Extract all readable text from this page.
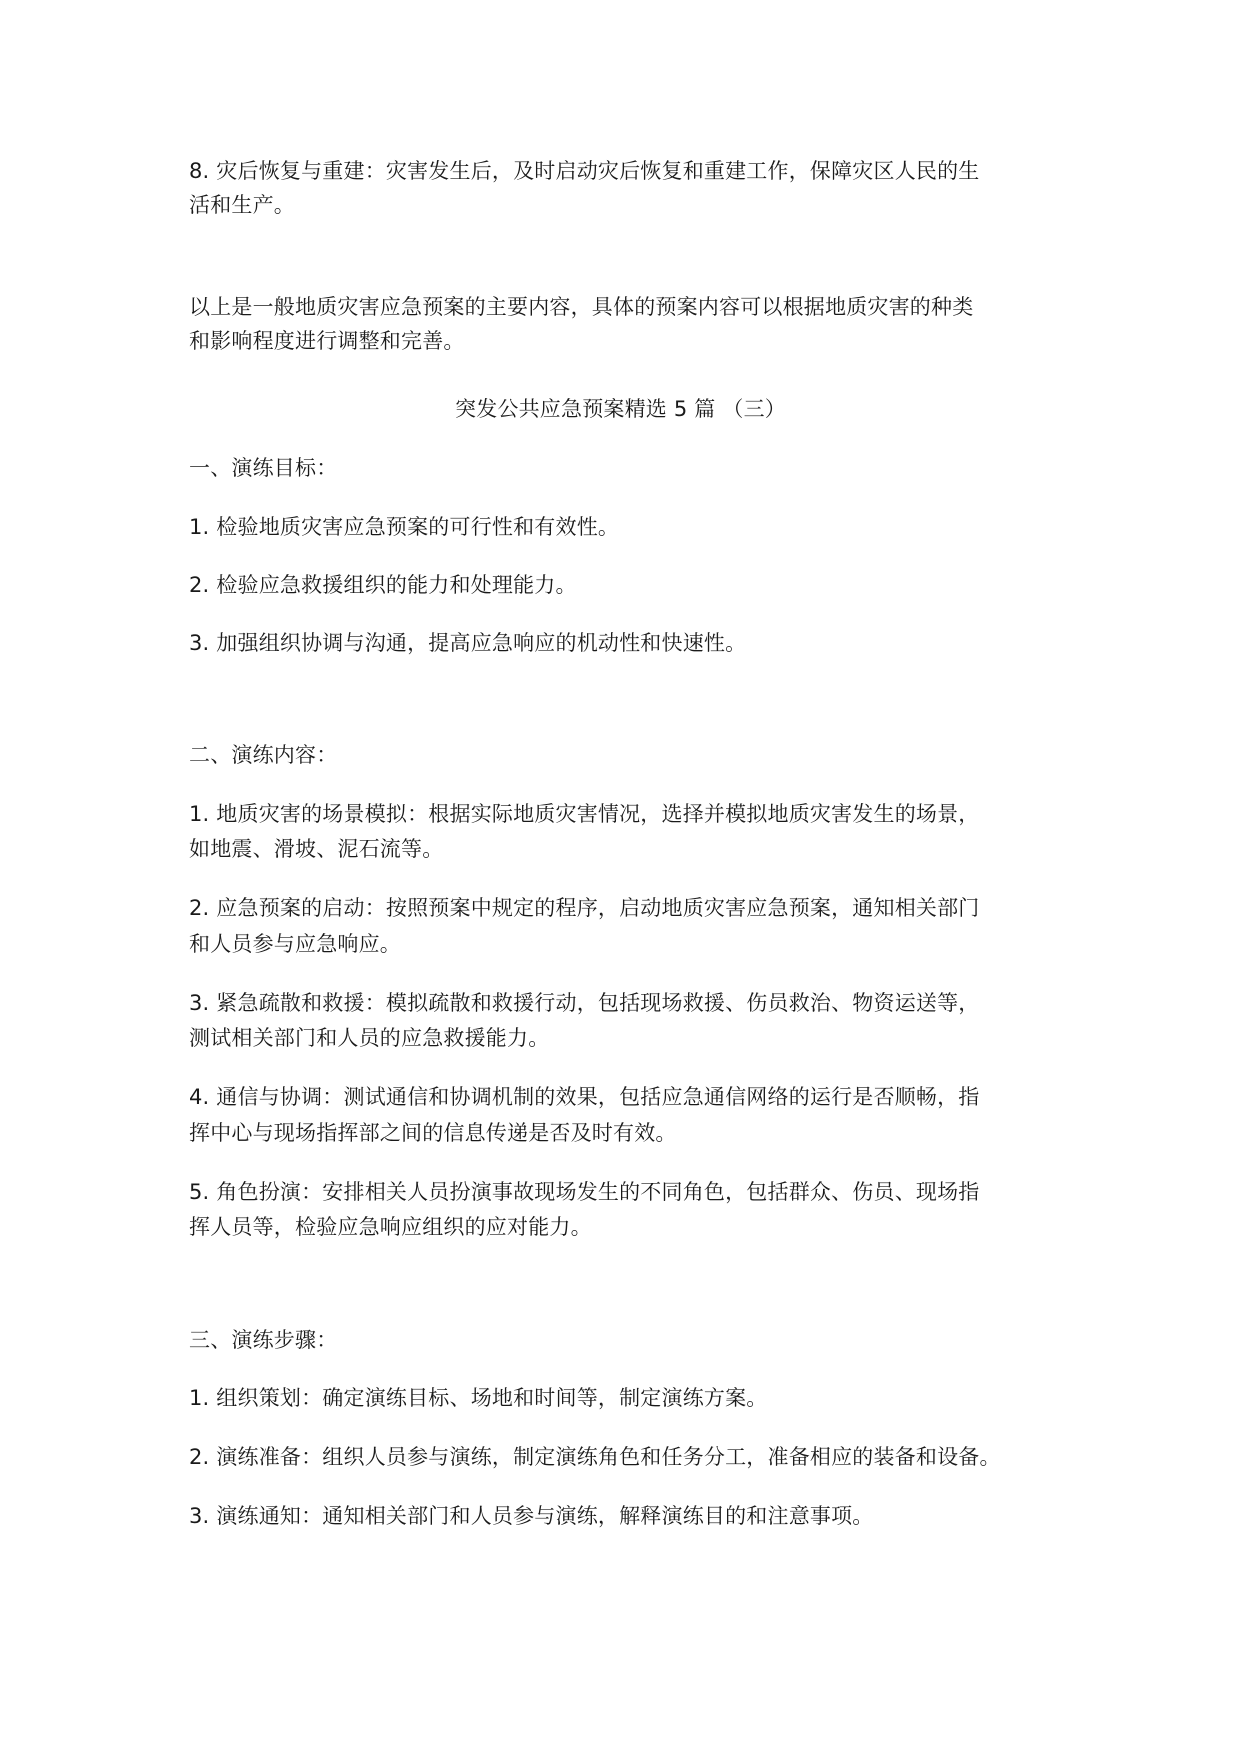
8. 灾后恢复与重建：灾害发生后，及时启动灾后恢复和重建工作，保障灾区人民的生
活和生产。
以上是一般地质灾害应急预案的主要内容，具体的预案内容可以根据地质灾害的种类
和影响程度进行调整和完善。
突发公共应急预案精选 5 篇 （三）
一、演练目标：
1. 检验地质灾害应急预案的可行性和有效性。
2. 检验应急救援组织的能力和处理能力。
3. 加强组织协调与沟通，提高应急响应的机动性和快速性。
二、演练内容：
1. 地质灾害的场景模拟：根据实际地质灾害情况，选择并模拟地质灾害发生的场景，
如地震、滑坡、泥石流等。
2. 应急预案的启动：按照预案中规定的程序，启动地质灾害应急预案，通知相关部门
和人员参与应急响应。
3. 紧急疏散和救援：模拟疏散和救援行动，包括现场救援、伤员救治、物资运送等，
测试相关部门和人员的应急救援能力。
4. 通信与协调：测试通信和协调机制的效果，包括应急通信网络的运行是否顺畅，指
挥中心与现场指挥部之间的信息传递是否及时有效。
5. 角色扮演：安排相关人员扮演事故现场发生的不同角色，包括群众、伤员、现场指
挥人员等，检验应急响应组织的应对能力。
三、演练步骤：
1. 组织策划：确定演练目标、场地和时间等，制定演练方案。
2. 演练准备：组织人员参与演练，制定演练角色和任务分工，准备相应的装备和设备。
3. 演练通知：通知相关部门和人员参与演练，解释演练目的和注意事项。
